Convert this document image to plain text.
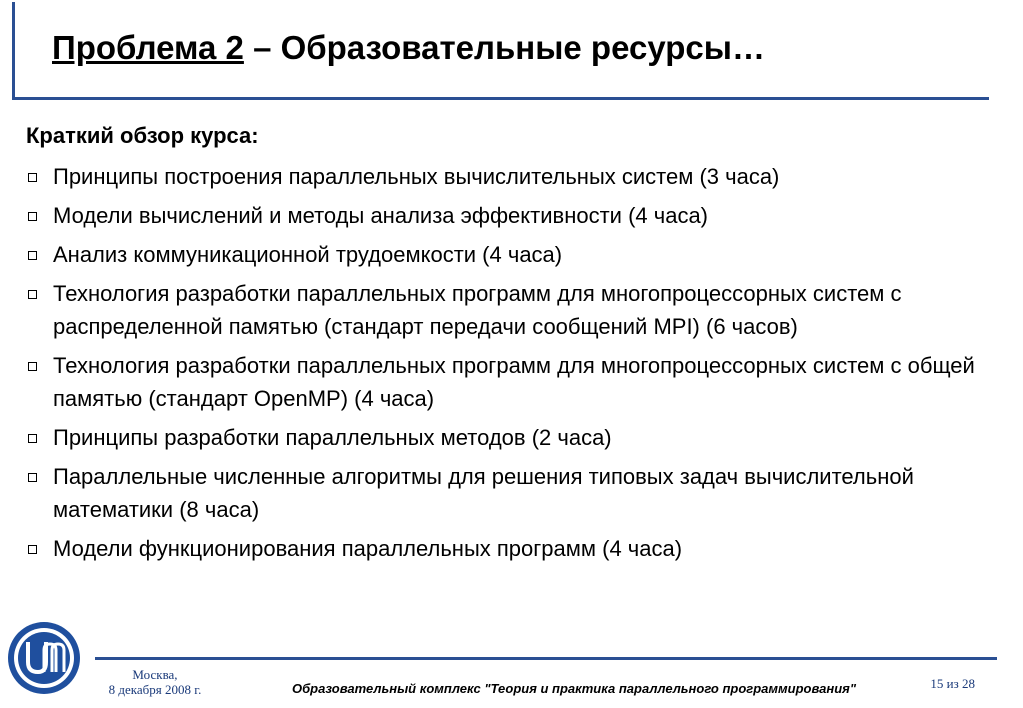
Проблема 2 – Образовательные ресурсы…
Краткий обзор курса:
Принципы построения параллельных вычислительных систем (3 часа)
Модели вычислений и методы анализа эффективности (4 часа)
Анализ коммуникационной трудоемкости (4 часа)
Технология разработки параллельных программ для многопроцессорных систем с распределенной памятью (стандарт передачи сообщений MPI) (6 часов)
Технология разработки параллельных программ для многопроцессорных систем с общей памятью (стандарт OpenMP) (4 часа)
Принципы разработки параллельных методов (2 часа)
Параллельные численные алгоритмы для решения типовых задач вычислительной математики (8 часа)
Модели функционирования параллельных программ (4 часа)
Москва,
8 декабря 2008 г.	Образовательный комплекс "Теория и практика параллельного программирования"	15 из 28
